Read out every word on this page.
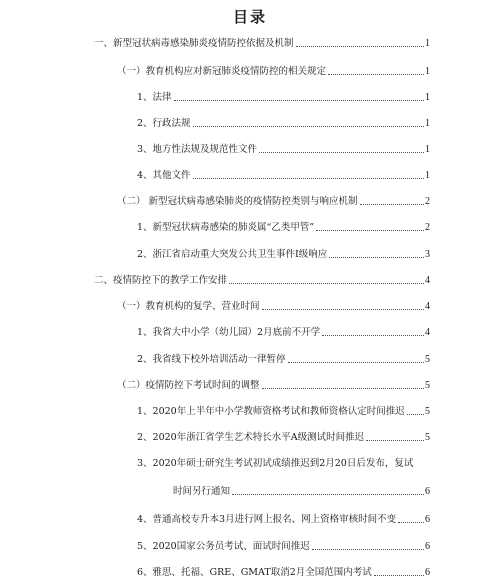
目录
一、新型冠状病毒感染肺炎疫情防控依据及机制	1
（一）教育机构应对新冠肺炎疫情防控的相关规定	1
1、法律	1
2、行政法规	1
3、地方性法规及规范性文件	1
4、其他文件	1
（二） 新型冠状病毒感染肺炎的疫情防控类别与响应机制	2
1、新型冠状病毒感染的肺炎属“乙类甲管”	2
2、浙江省启动重大突发公共卫生事件Ⅰ级响应	3
二、疫情防控下的教学工作安排	4
（一）教育机构的复学、营业时间	4
1、我省大中小学（幼儿园）2月底前不开学	4
2、我省线下校外培训活动一律暂停	5
（二）疫情防控下考试时间的调整	5
1、2020年上半年中小学教师资格考试和教师资格认定时间推迟 5
2、2020年浙江省学生艺术特长水平A级测试时间推迟	5
3、2020年硕士研究生考试初试成绩推迟到2月20日后发布，复试
时间另行通知	6
4、普通高校专升本3月进行网上报名、网上资格审核时间不变	6
5、2020国家公务员考试、面试时间推迟	6
6、雅思、托福、GRE、GMAT取消2月全国范围内考试	6
